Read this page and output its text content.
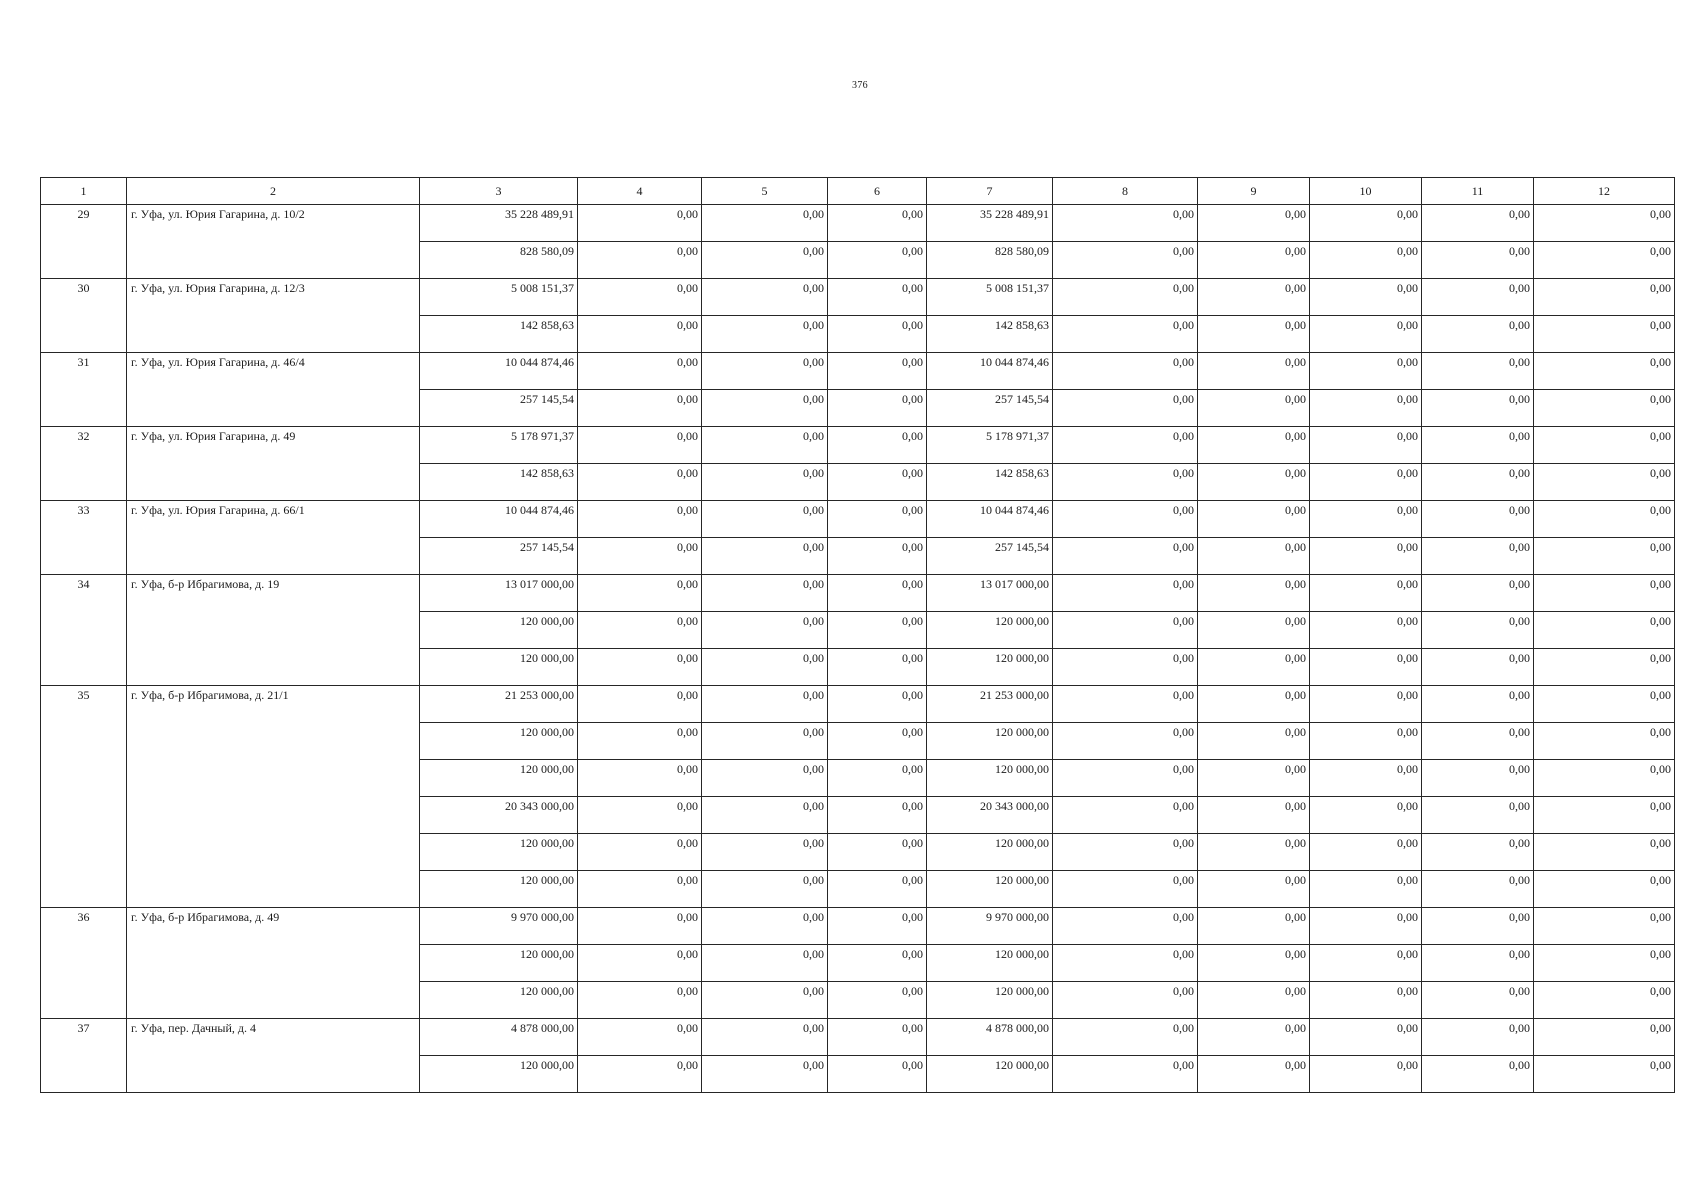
376
1	2	3	4	5	6	7	8	9	10	11	12
29	г. Уфа, ул. Юрия Гагарина, д. 10/2	35 228 489,91	0,00	0,00	0,00	35 228 489,91	0,00	0,00	0,00	0,00	0,00
		828 580,09	0,00	0,00	0,00	828 580,09	0,00	0,00	0,00	0,00	0,00
30	г. Уфа, ул. Юрия Гагарина, д. 12/3	5 008 151,37	0,00	0,00	0,00	5 008 151,37	0,00	0,00	0,00	0,00	0,00
		142 858,63	0,00	0,00	0,00	142 858,63	0,00	0,00	0,00	0,00	0,00
31	г. Уфа, ул. Юрия Гагарина, д. 46/4	10 044 874,46	0,00	0,00	0,00	10 044 874,46	0,00	0,00	0,00	0,00	0,00
		257 145,54	0,00	0,00	0,00	257 145,54	0,00	0,00	0,00	0,00	0,00
32	г. Уфа, ул. Юрия Гагарина, д. 49	5 178 971,37	0,00	0,00	0,00	5 178 971,37	0,00	0,00	0,00	0,00	0,00
		142 858,63	0,00	0,00	0,00	142 858,63	0,00	0,00	0,00	0,00	0,00
33	г. Уфа, ул. Юрия Гагарина, д. 66/1	10 044 874,46	0,00	0,00	0,00	10 044 874,46	0,00	0,00	0,00	0,00	0,00
		257 145,54	0,00	0,00	0,00	257 145,54	0,00	0,00	0,00	0,00	0,00
34	г. Уфа, б-р Ибрагимова, д. 19	13 017 000,00	0,00	0,00	0,00	13 017 000,00	0,00	0,00	0,00	0,00	0,00
		120 000,00	0,00	0,00	0,00	120 000,00	0,00	0,00	0,00	0,00	0,00
		120 000,00	0,00	0,00	0,00	120 000,00	0,00	0,00	0,00	0,00	0,00
35	г. Уфа, б-р Ибрагимова, д. 21/1	21 253 000,00	0,00	0,00	0,00	21 253 000,00	0,00	0,00	0,00	0,00	0,00
		120 000,00	0,00	0,00	0,00	120 000,00	0,00	0,00	0,00	0,00	0,00
		120 000,00	0,00	0,00	0,00	120 000,00	0,00	0,00	0,00	0,00	0,00
		20 343 000,00	0,00	0,00	0,00	20 343 000,00	0,00	0,00	0,00	0,00	0,00
		120 000,00	0,00	0,00	0,00	120 000,00	0,00	0,00	0,00	0,00	0,00
		120 000,00	0,00	0,00	0,00	120 000,00	0,00	0,00	0,00	0,00	0,00
36	г. Уфа, б-р Ибрагимова, д. 49	9 970 000,00	0,00	0,00	0,00	9 970 000,00	0,00	0,00	0,00	0,00	0,00
		120 000,00	0,00	0,00	0,00	120 000,00	0,00	0,00	0,00	0,00	0,00
		120 000,00	0,00	0,00	0,00	120 000,00	0,00	0,00	0,00	0,00	0,00
37	г. Уфа, пер. Дачный, д. 4	4 878 000,00	0,00	0,00	0,00	4 878 000,00	0,00	0,00	0,00	0,00	0,00
		120 000,00	0,00	0,00	0,00	120 000,00	0,00	0,00	0,00	0,00	0,00
